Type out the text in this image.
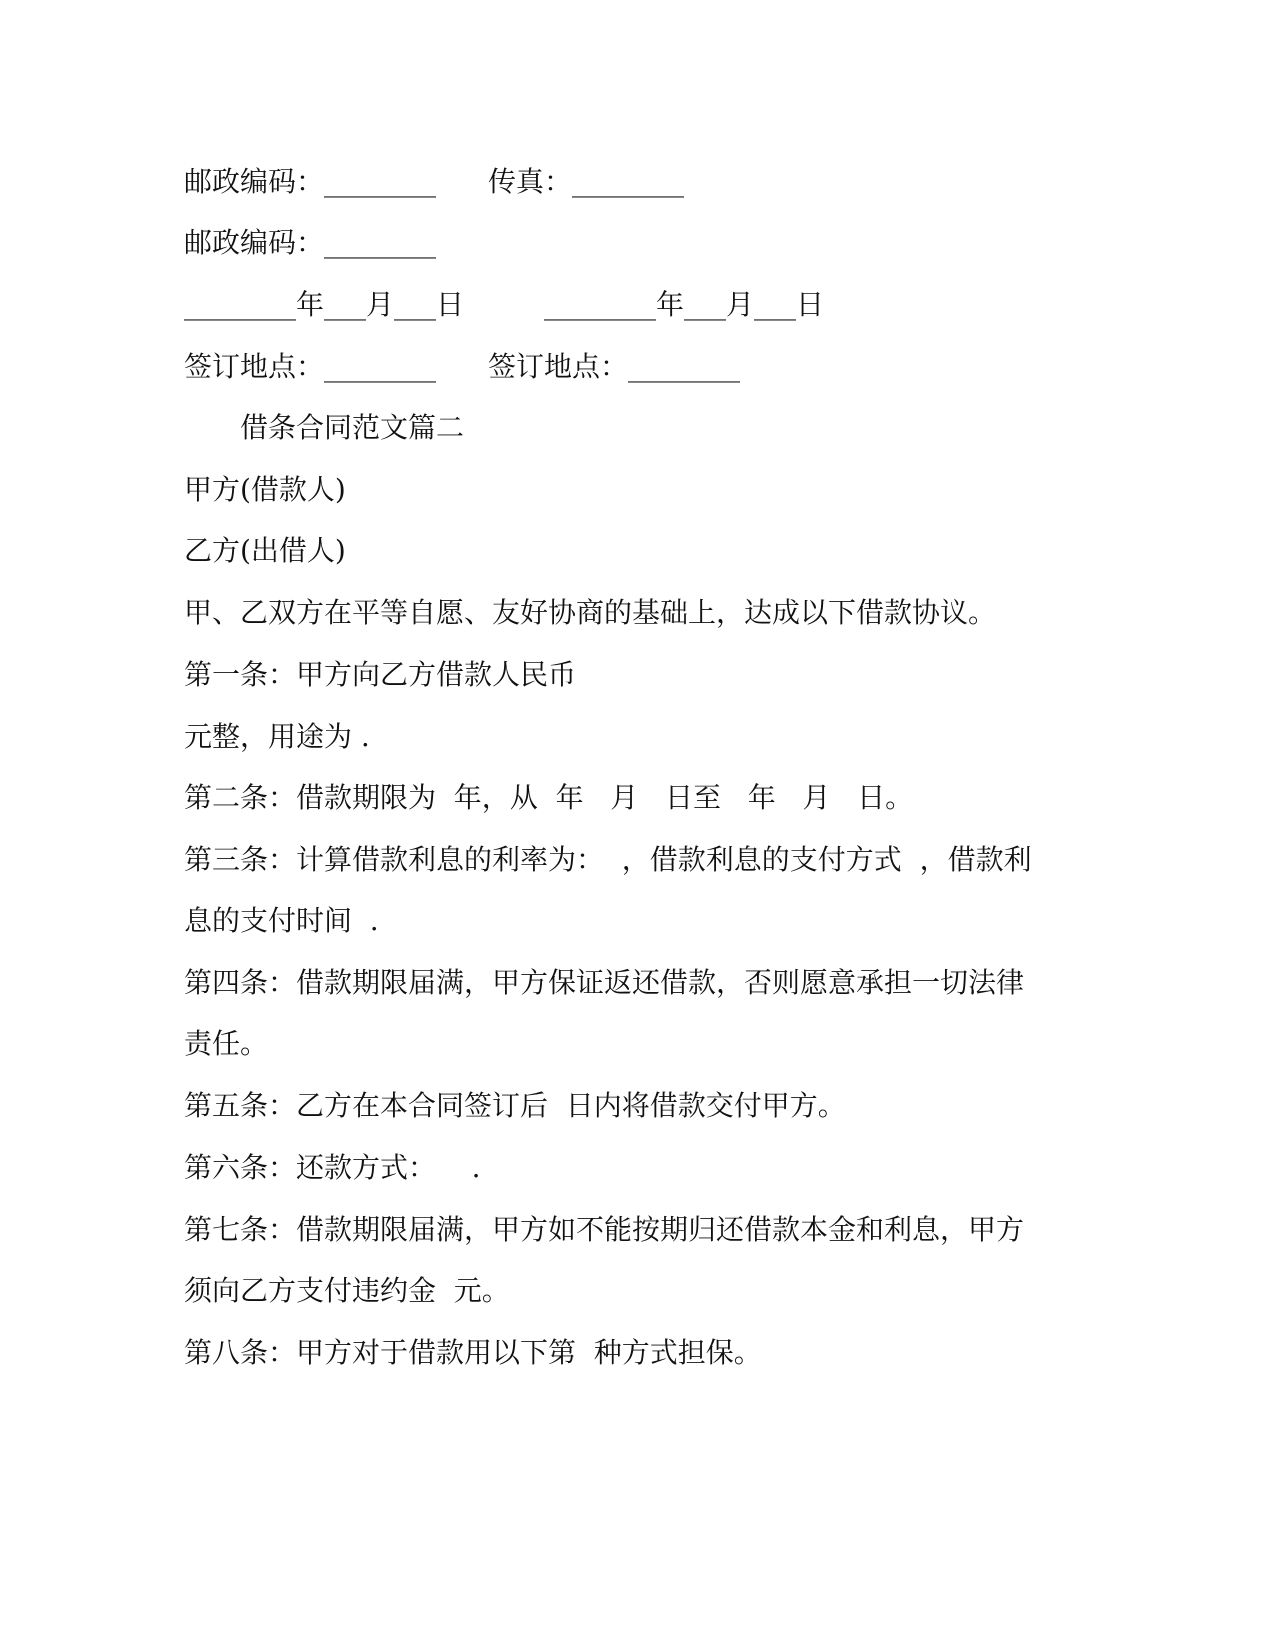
邮政编码：________

传真：________

邮政编码：________

________年___月___日

	________年___月___日

签订地点：________

签订地点：________

借条合同范文篇二
甲方(借款人)
乙方(出借人)
甲、乙双方在平等自愿、友好协商的基础上，达成以下借款协议。
第一条：甲方向乙方借款人民币
元整，用途为 .
第二条：借款期限为  年，从  年   月   日至   年   月   日。
第三条：计算借款利息的利率为：  ，借款利息的支付方式  ，借款利
息的支付时间  .
第四条：借款期限届满，甲方保证返还借款，否则愿意承担一切法律
责任。
第五条：乙方在本合同签订后  日内将借款交付甲方。
第六条：还款方式：    .
第七条：借款期限届满，甲方如不能按期归还借款本金和利息，甲方
须向乙方支付违约金  元。
第八条：甲方对于借款用以下第  种方式担保。
